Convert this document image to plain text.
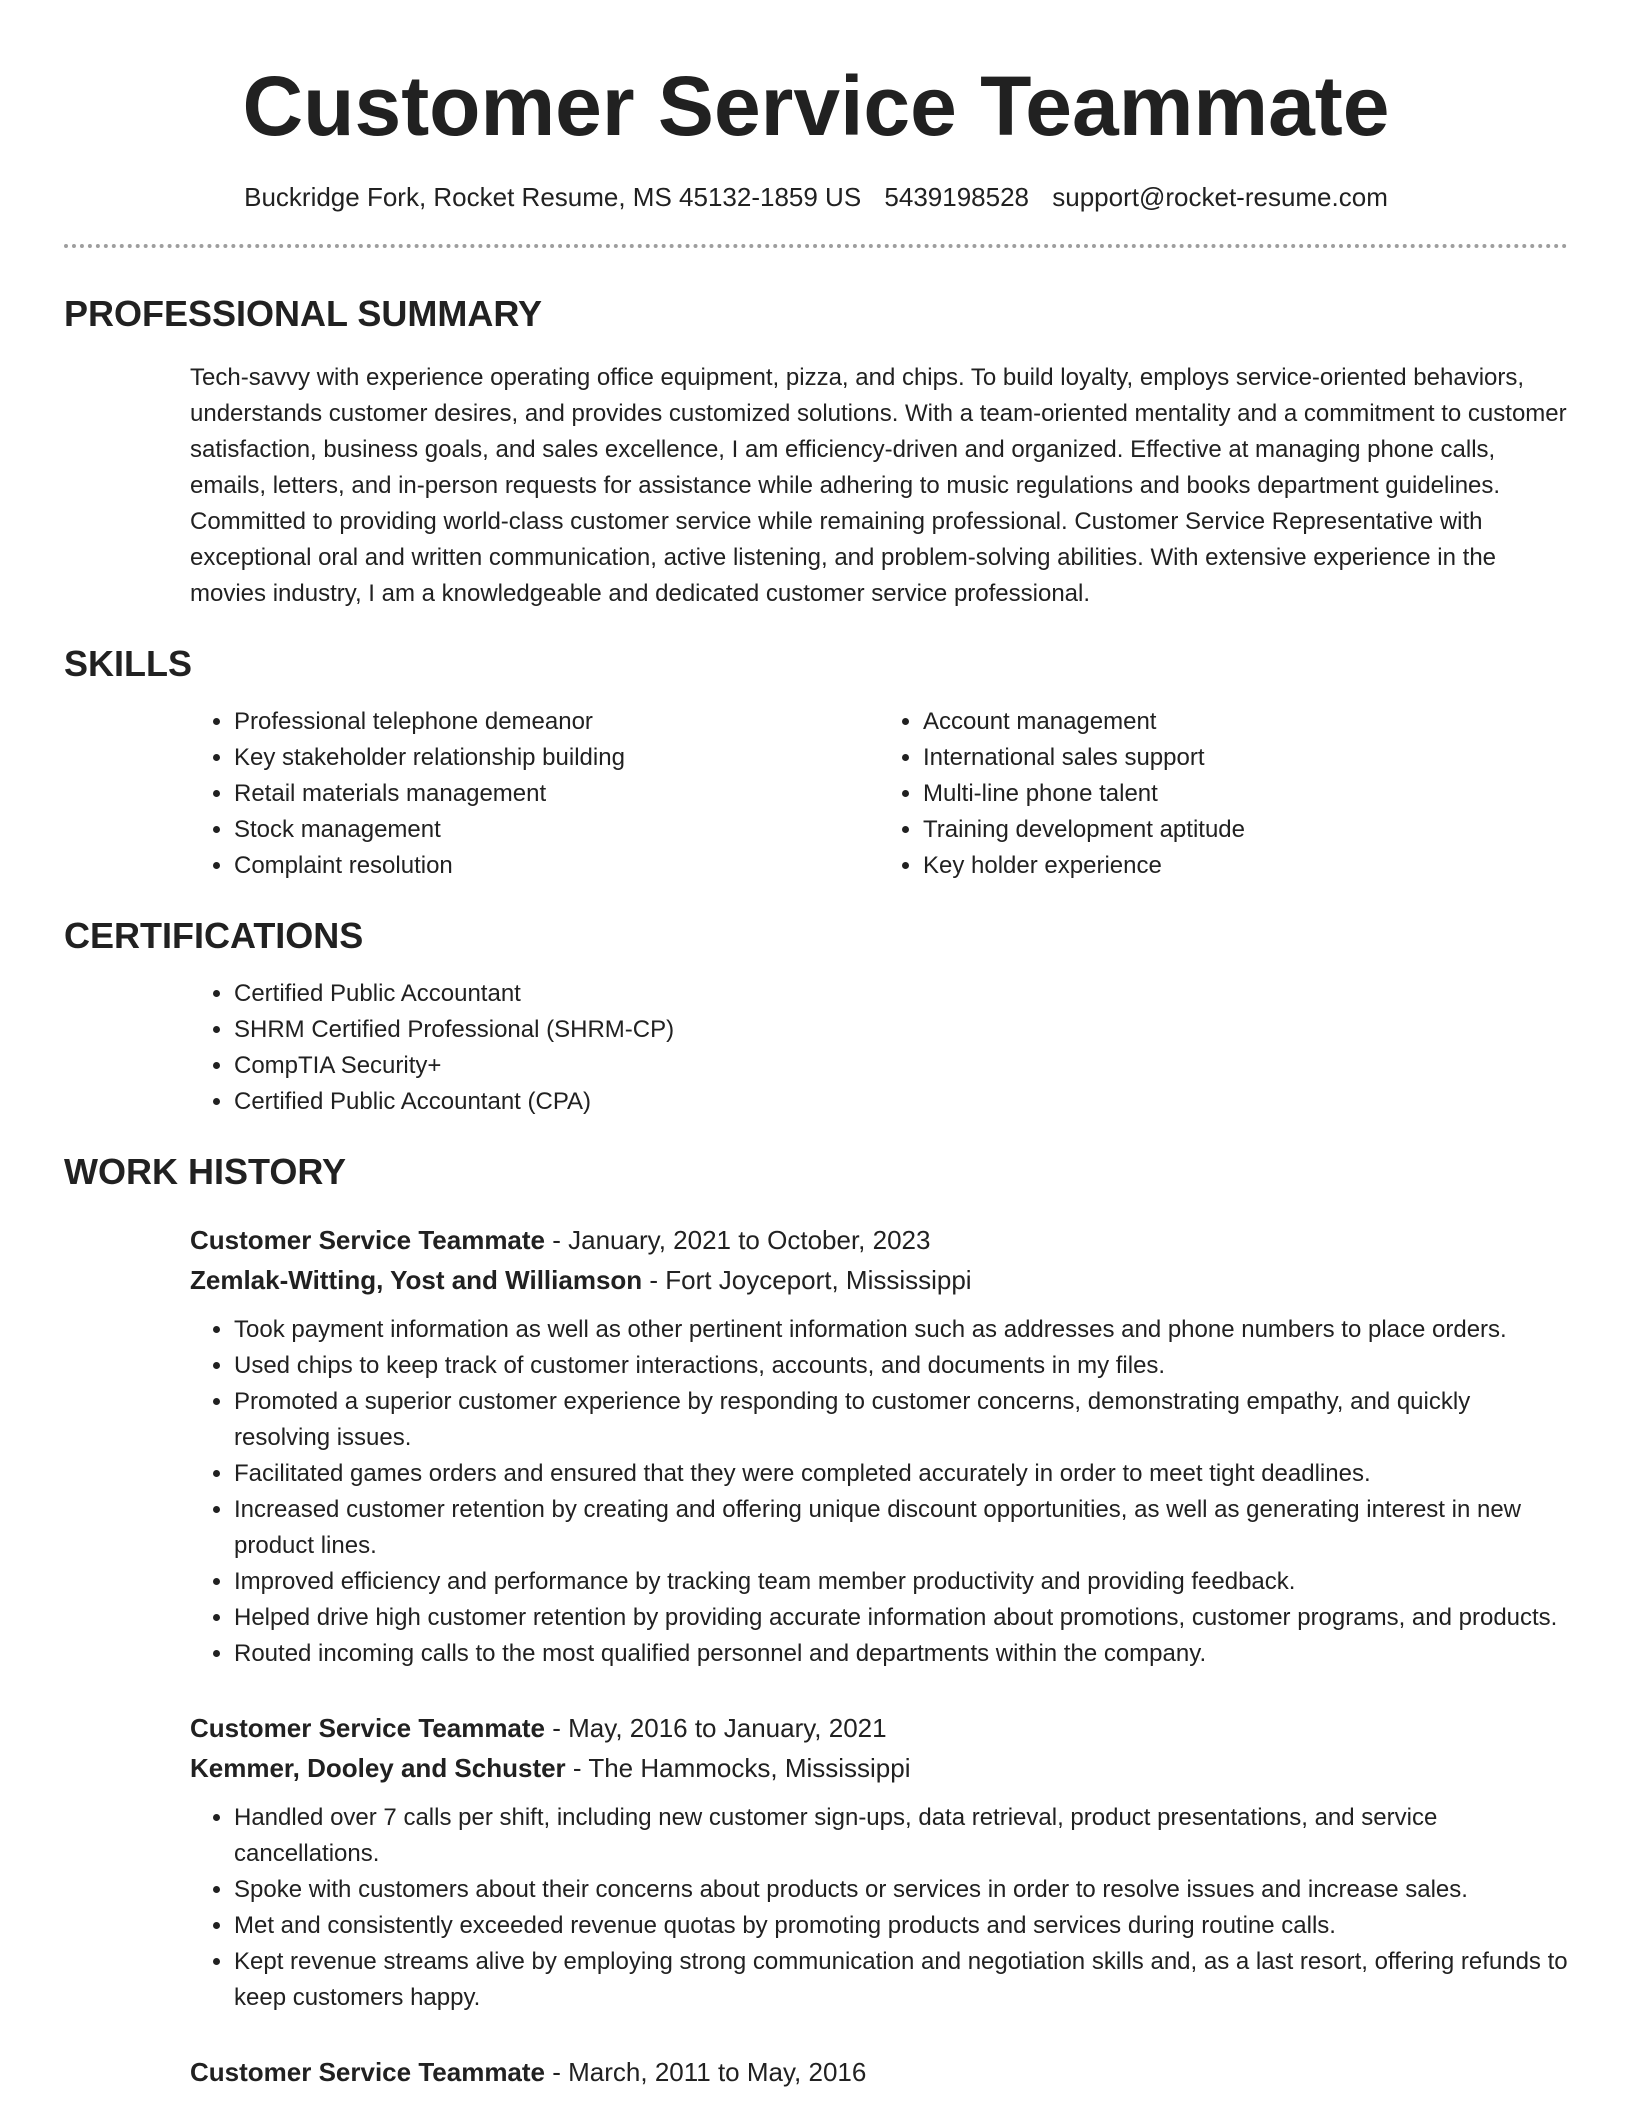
Customer Service Teammate
Buckridge Fork, Rocket Resume, MS 45132-1859 US 5439198528 support@rocket-resume.com
PROFESSIONAL SUMMARY

Tech-savvy with experience operating office equipment, pizza, and chips. To build loyalty, employs service-oriented behaviors, understands customer desires, and provides customized solutions. With a team-oriented mentality and a commitment to customer satisfaction, business goals, and sales excellence, I am efficiency-driven and organized. Effective at managing phone calls, emails, letters, and in-person requests for assistance while adhering to music regulations and books department guidelines. Committed to providing world-class customer service while remaining professional. Customer Service Representative with exceptional oral and written communication, active listening, and problem-solving abilities. With extensive experience in the movies industry, I am a knowledgeable and dedicated customer service professional.

SKILLS
• Professional telephone demeanor
• Key stakeholder relationship building
• Retail materials management
• Stock management
• Complaint resolution
• Account management
• International sales support
• Multi-line phone talent
• Training development aptitude
• Key holder experience
CERTIFICATIONS
• Certified Public Accountant
• SHRM Certified Professional (SHRM-CP)
• CompTIA Security+
• Certified Public Accountant (CPA)
WORK HISTORY
Customer Service Teammate - January, 2021 to October, 2023
Zemlak-Witting, Yost and Williamson - Fort Joyceport, Mississippi
• Took payment information as well as other pertinent information such as addresses and phone numbers to place orders.
• Used chips to keep track of customer interactions, accounts, and documents in my files.
• Promoted a superior customer experience by responding to customer concerns, demonstrating empathy, and quickly resolving issues.
• Facilitated games orders and ensured that they were completed accurately in order to meet tight deadlines.
• Increased customer retention by creating and offering unique discount opportunities, as well as generating interest in new product lines.
• Improved efficiency and performance by tracking team member productivity and providing feedback.
• Helped drive high customer retention by providing accurate information about promotions, customer programs, and products.
• Routed incoming calls to the most qualified personnel and departments within the company.
Customer Service Teammate - May, 2016 to January, 2021
Kemmer, Dooley and Schuster - The Hammocks, Mississippi
• Handled over 7 calls per shift, including new customer sign-ups, data retrieval, product presentations, and service cancellations.
• Spoke with customers about their concerns about products or services in order to resolve issues and increase sales.
• Met and consistently exceeded revenue quotas by promoting products and services during routine calls.
• Kept revenue streams alive by employing strong communication and negotiation skills and, as a last resort, offering refunds to keep customers happy.
Customer Service Teammate - March, 2011 to May, 2016
